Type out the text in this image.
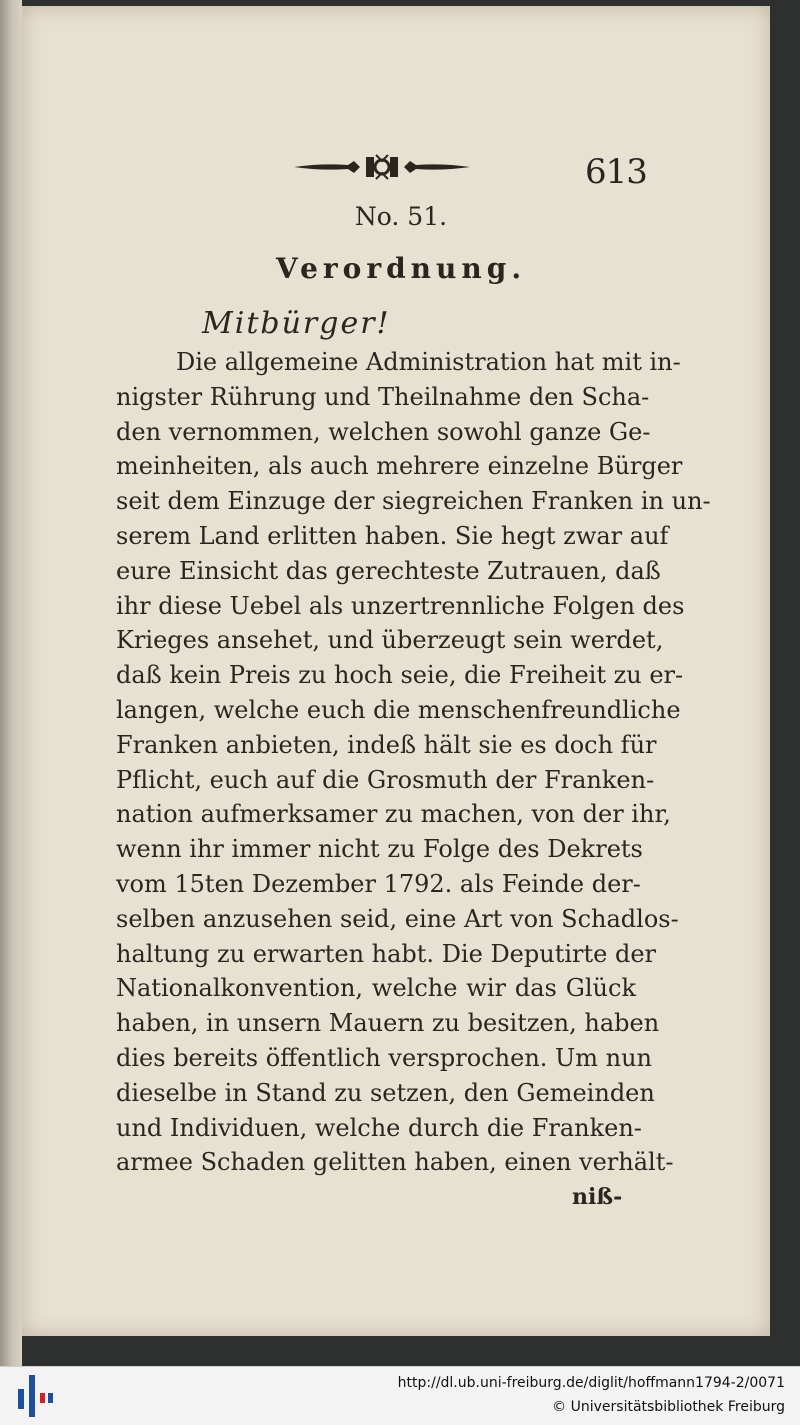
613
No. 51.
Verordnung.
Mitbürger!
Die allgemeine Administration hat mit in-
nigster Rührung und Theilnahme den Scha-
den vernommen, welchen sowohl ganze Ge-
meinheiten, als auch mehrere einzelne Bürger
seit dem Einzuge der siegreichen Franken in un-
serem Land erlitten haben. Sie hegt zwar auf
eure Einsicht das gerechteste Zutrauen, daß
ihr diese Uebel als unzertrennliche Folgen des
Krieges ansehet, und überzeugt sein werdet,
daß kein Preis zu hoch seie, die Freiheit zu er-
langen, welche euch die menschenfreundliche
Franken anbieten, indeß hält sie es doch für
Pflicht, euch auf die Grosmuth der Franken-
nation aufmerksamer zu machen, von der ihr,
wenn ihr immer nicht zu Folge des Dekrets
vom 15ten Dezember 1792. als Feinde der-
selben anzusehen seid, eine Art von Schadlos-
haltung zu erwarten habt. Die Deputirte der
Nationalkonvention, welche wir das Glück
haben, in unsern Mauern zu besitzen, haben
dies bereits öffentlich versprochen. Um nun
dieselbe in Stand zu setzen, den Gemeinden
und Individuen, welche durch die Franken-
armee Schaden gelitten haben, einen verhält-
niß-
http://dl.ub.uni-freiburg.de/diglit/hoffmann1794-2/0071
© Universitätsbibliothek Freiburg
